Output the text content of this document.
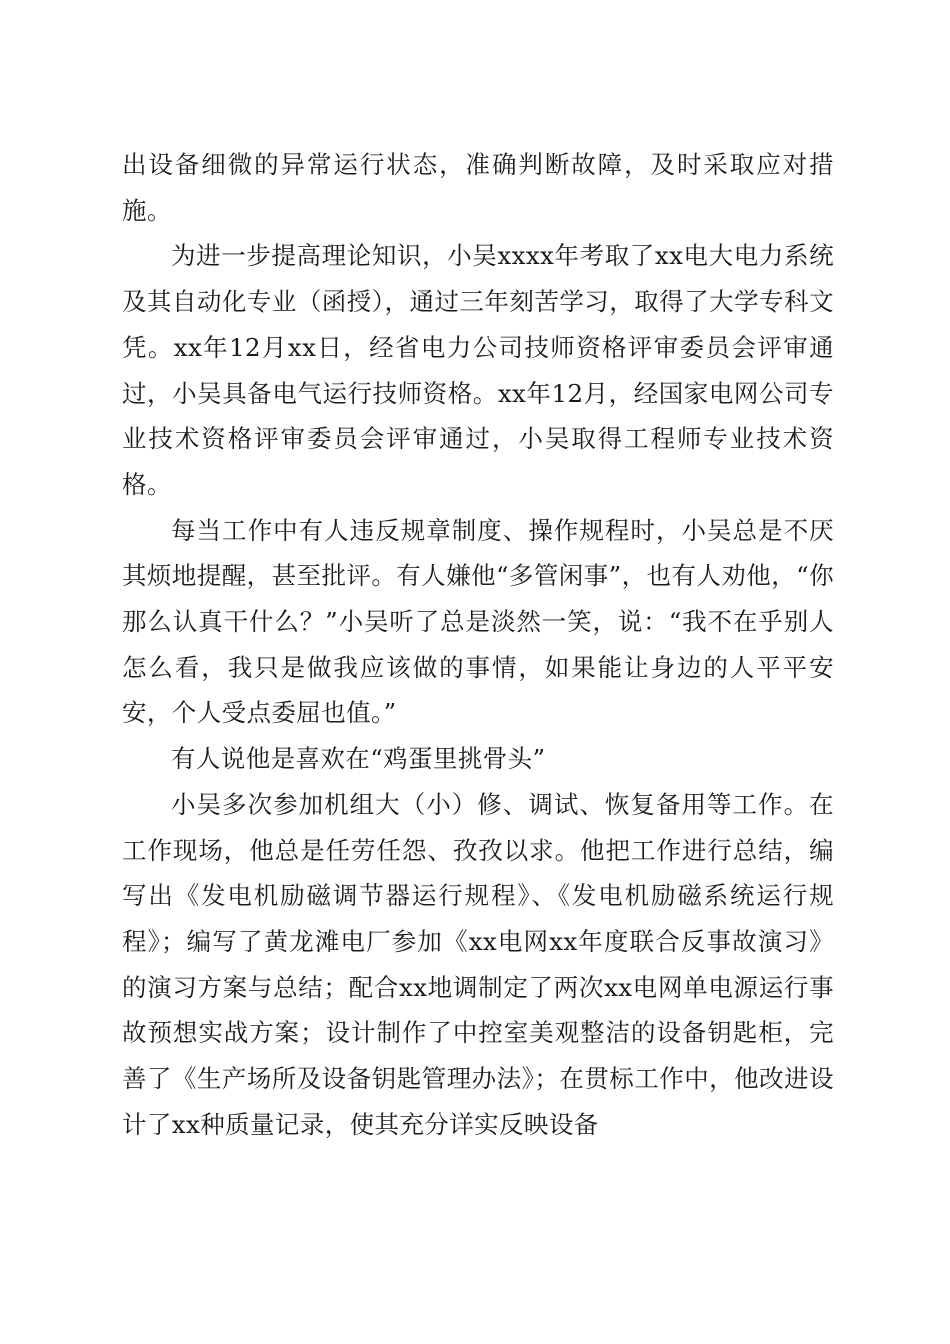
出设备细微的异常运行状态，准确判断故障，及时采取应对措施。

为进一步提高理论知识，小吴xxxx年考取了xx电大电力系统及其自动化专业（函授），通过三年刻苦学习，取得了大学专科文凭。xx年12月xx日，经省电力公司技师资格评审委员会评审通过，小吴具备电气运行技师资格。xx年12月，经国家电网公司专业技术资格评审委员会评审通过，小吴取得工程师专业技术资格。

每当工作中有人违反规章制度、操作规程时，小吴总是不厌其烦地提醒，甚至批评。有人嫌他“多管闲事”，也有人劝他，“你那么认真干什么？”小吴听了总是淡然一笑，说：“我不在乎别人怎么看，我只是做我应该做的事情，如果能让身边的人平平安安，个人受点委屈也值。”

有人说他是喜欢在“鸡蛋里挑骨头”

小吴多次参加机组大（小）修、调试、恢复备用等工作。在工作现场，他总是任劳任怨、孜孜以求。他把工作进行总结，编写出《发电机励磁调节器运行规程》、《发电机励磁系统运行规程》；编写了黄龙滩电厂参加《xx电网xx年度联合反事故演习》的演习方案与总结；配合xx地调制定了两次xx电网单电源运行事故预想实战方案；设计制作了中控室美观整洁的设备钥匙柜，完善了《生产场所及设备钥匙管理办法》；在贯标工作中，他改进设计了xx种质量记录，使其充分详实反映设备
